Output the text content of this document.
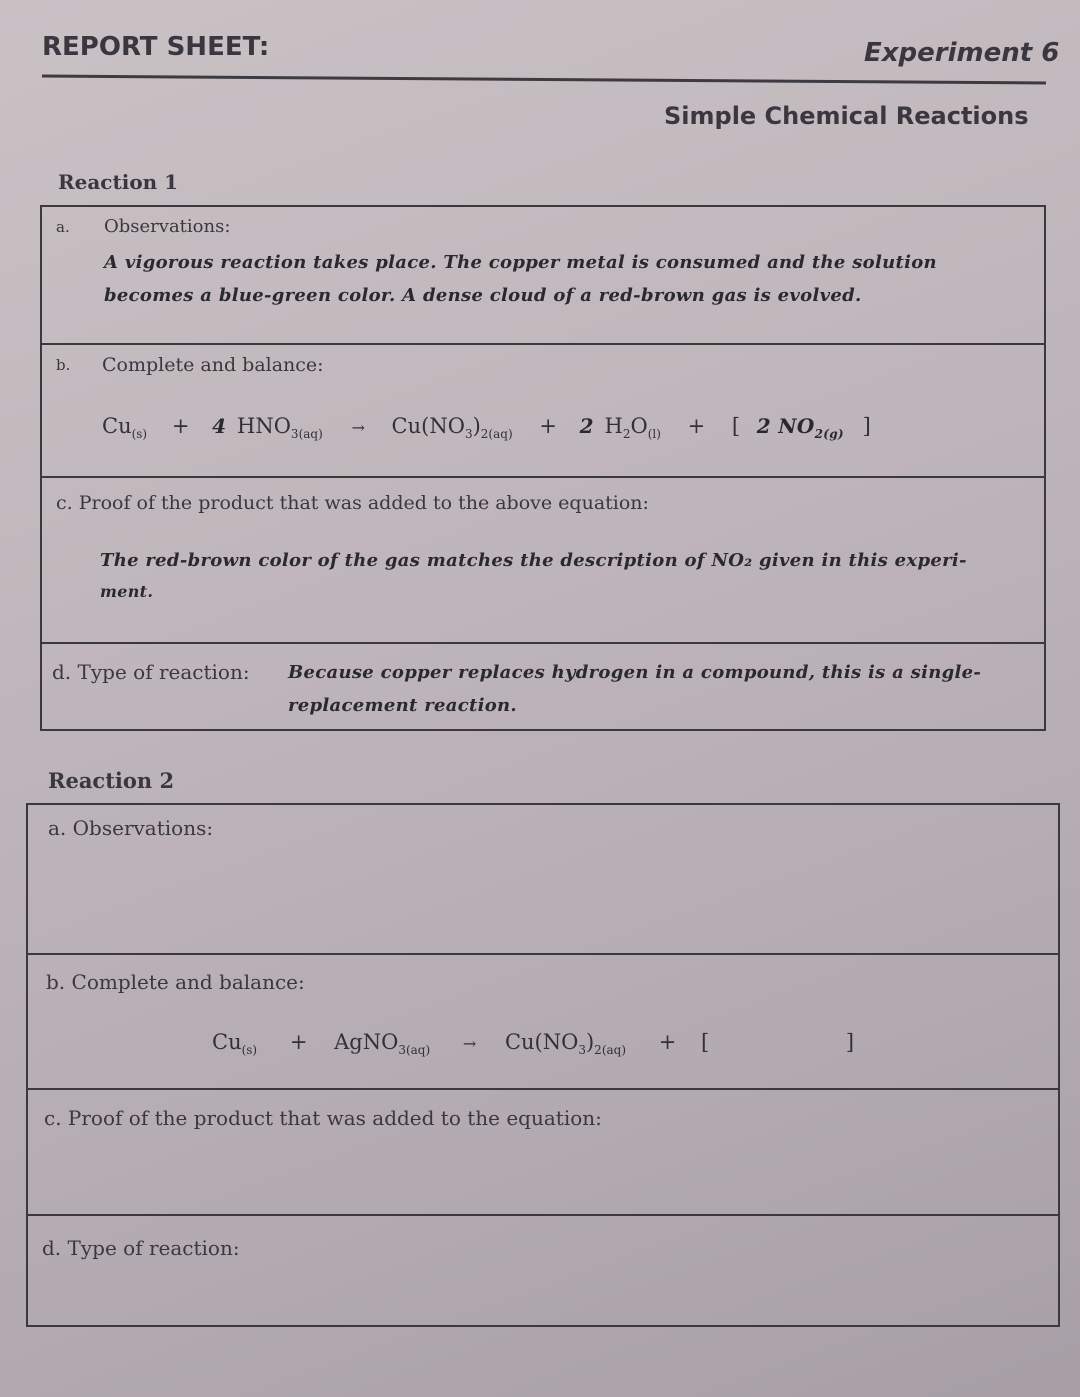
REPORT SHEET:	Experiment 6
Simple Chemical Reactions
Reaction 1
a. Observations:
A vigorous reaction takes place. The copper metal is consumed and the solution
becomes a blue-green color. A dense cloud of a red-brown gas is evolved.
b. Complete and balance:
$Cu_{(s)} + 4$ $HNO_{3(aq)} \to Cu(NO_3)_{2(aq)} + 2$ $H_2O_{(l)}$ + [ 2 $NO_{2(g)}$ ]
c. Proof of the product that was added to the above equation:
The red-brown color of the gas matches the description of NO₂ given in this experi-
ment.
d. Type of reaction: Because copper replaces hydrogen in a compound, this is a single-
replacement reaction.
Reaction 2
a. Observations:
b. Complete and balance:
$Cu_{(s)}$ + AgNO$_{3(aq)}$ → $Cu(NO_3)_{2(aq)}$ + [	]
c. Proof of the product that was added to the equation:
d. Type of reaction:
